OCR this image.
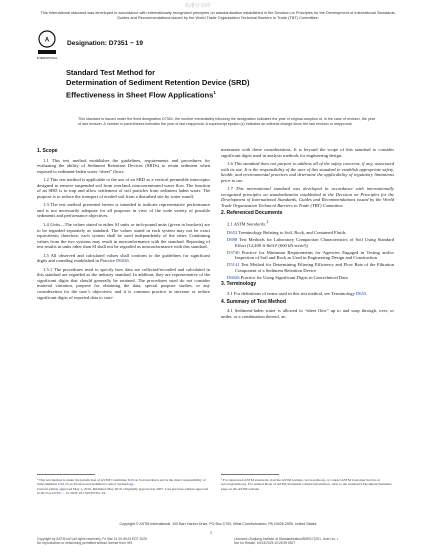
标准分享网
This international standard was developed in accordance with internationally recognized principles on standardization established in the Decision on Principles for the Development of International Standards, Guides and Recommendations issued by the World Trade Organization Technical Barriers to Trade (TBT) Committee.
A
INTERNATIONAL
Designation: D7351 − 19
Standard Test Method for
Determination of Sediment Retention Device (SRD)
Effectiveness in Sheet Flow Applications$^1$
This standard is issued under the fixed designation D7351; the number immediately following the designation indicates the year of original adoption or, in the case of revision, the year of last revision. A number in parentheses indicates the year of last reapproval. A superscript epsilon (ε) indicates an editorial change since the last revision or reapproval.
1. Scope

1.1 This test method establishes the guidelines, requirements and procedures for evaluating the ability of Sediment Retention Devices (SRDs) to retain sediment when exposed to sediment-laden water “sheet” flows.

1.2 This test method is applicable to the use of an SRD as a vertical permeable interceptor designed to remove suspended soil from overland, nonconcentrated water flow. The function of an SRD is to trap and allow settlement of soil particles from sediment laden water. The purpose is to reduce the transport of eroded soil from a disturbed site by water runoff.

1.3 The test method presented herein is intended to indicate representative performance and is not necessarily adequate for all purposes in view of the wide variety of possible sediments and performance objectives.

1.4 Units—The values stated in either SI units or inch-pound units (given in brackets) are to be regarded separately as standard. The values stated in each system may not be exact equivalents; therefore, each system shall be used independently of the other. Combining values from the two systems may result in nonconformance with the standard. Reporting of test results in units other than SI shall not be regarded as nonconformance with this standard.

1.5 All observed and calculated values shall conform to the guidelines for significant digits and rounding established in Practice D6026.

1.5.1 The procedures used to specify how data are collected/recorded and calculated in this standard are regarded as the industry standard. In addition, they are representative of the significant digits that should generally be retained. The procedures used do not consider material variation, purpose for obtaining the data, special purpose studies, or any consideration for the user’s objectives; and it is common practice to increase or reduce significant digits of reported data to com-

mensurate with these considerations. It is beyond the scope of this standard to consider significant digits used in analysis methods for engineering design.

1.6 This standard does not purport to address all of the safety concerns, if any, associated with its use. It is the responsibility of the user of this standard to establish appropriate safety, health, and environmental practices and determine the applicability of regulatory limitations prior to use.

1.7 This international standard was developed in accordance with internationally recognized principles on standardization established in the Decision on Principles for the Development of International Standards, Guides and Recommendations issued by the World Trade Organization Technical Barriers to Trade (TBT) Committee.

2. Referenced Documents

2.1 ASTM Standards:$^2$

D653 Terminology Relating to Soil, Rock, and Contained Fluids
D698 Test Methods for Laboratory Compaction Characteristics of Soil Using Standard Effort (12,400 ft-lbf/ft³ (600 kN-m/m³))
D3740 Practice for Minimum Requirements for Agencies Engaged in Testing and/or Inspection of Soil and Rock as Used in Engineering Design and Construction
D5141 Test Method for Determining Filtering Efficiency and Flow Rate of the Filtration Component of a Sediment Retention Device
D6026 Practice for Using Significant Digits in Geotechnical Data
3. Terminology

3.1 For definitions of terms used in this test method, see Terminology D653.

4. Summary of Test Method

4.1 Sediment-laden water is allowed to “sheet flow” up to and soap through, over, or under, or a combination thereof, an

¹ This test method is under the jurisdiction of ASTM Committee D18 on Soil and Rock and is the direct responsibility of Subcommittee D18.25 on Erosion and Sediment Control Technology.
Current edition approved May 1, 2019. Published May 2019. Originally approved in 2007. Last previous edition approved in 2013 as D7351 – 13. DOI: 10.1520/D7351-19.
² For referenced ASTM standards, visit the ASTM website, www.astm.org, or contact ASTM Customer Service at service@astm.org. For Annual Book of ASTM Standards volume information, refer to the standard’s Document Summary page on the ASTM website.
Copyright © ASTM International, 100 Barr Harbor Drive, PO Box C700, West Conshohocken, PA 19428-2959. United States
1
Copyright by ASTM Int'l (all rights reserved); Fri Mar 14 00:49:24 EDT 2025
No reproduction or networking permitted without license from IHS
Licensee=Zhejiang Institute of Standardization/5059171001, User=xx, r
Not for Resale, 04/13/2025 15:28:39 MDT
